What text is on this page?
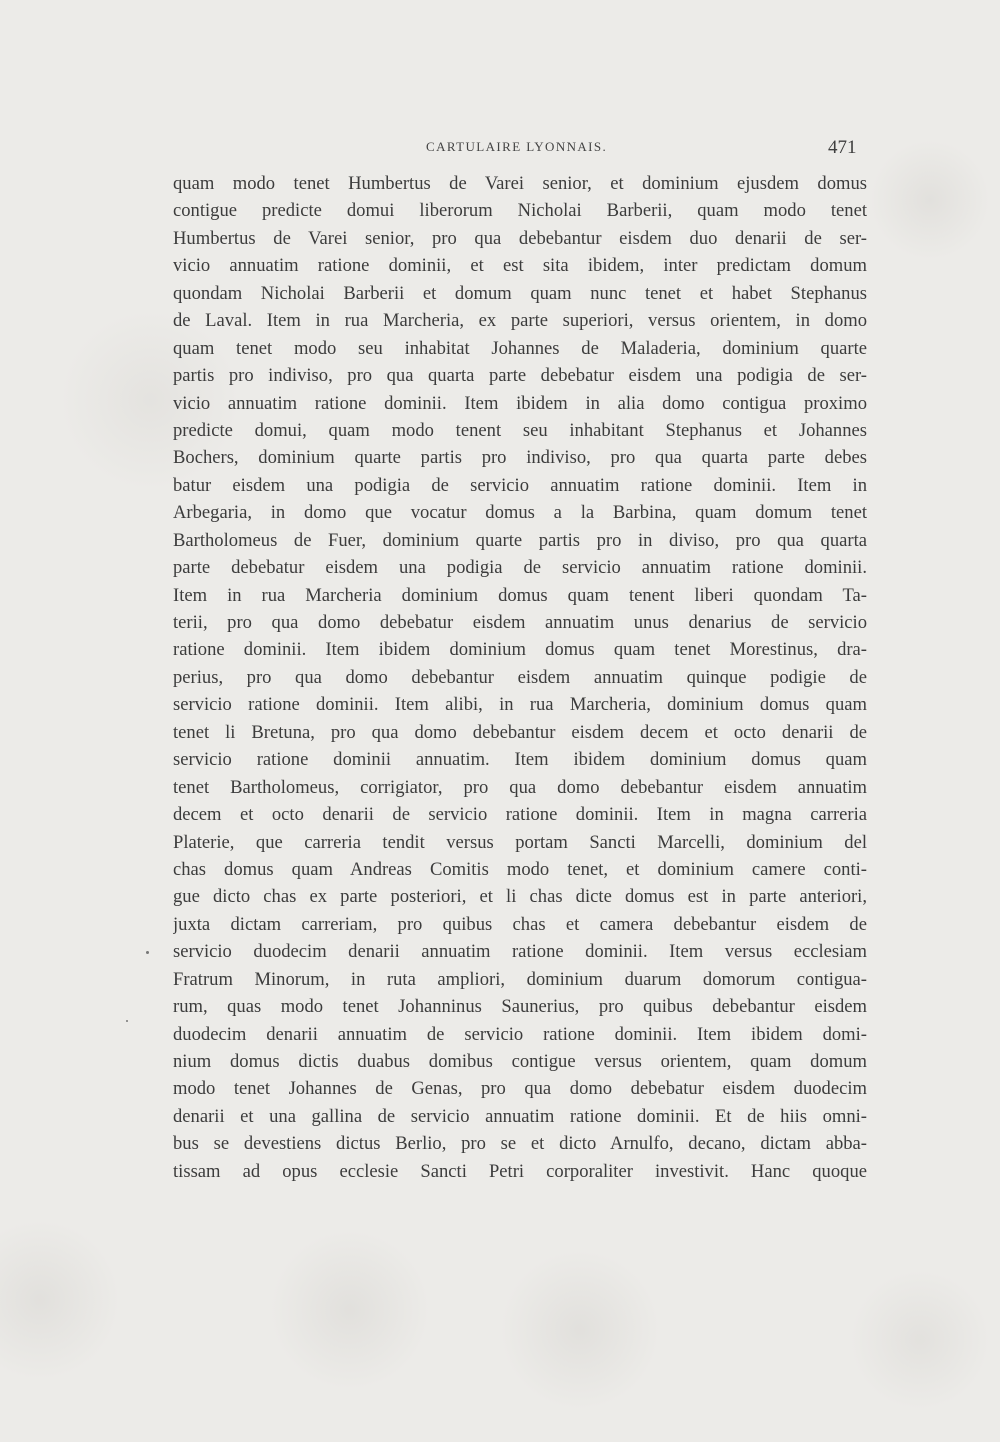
CARTULAIRE LYONNAIS.	471
quam modo tenet Humbertus de Varei senior, et dominium ejusdem domus
contigue predicte domui liberorum Nicholai Barberii, quam modo tenet
Humbertus de Varei senior, pro qua debebantur eisdem duo denarii de ser-
vicio annuatim ratione dominii, et est sita ibidem, inter predictam domum
quondam Nicholai Barberii et domum quam nunc tenet et habet Stephanus
de Laval. Item in rua Marcheria, ex parte superiori, versus orientem, in domo
quam tenet modo seu inhabitat Johannes de Maladeria, dominium quarte
partis pro indiviso, pro qua quarta parte debebatur eisdem una podigia de ser-
vicio annuatim ratione dominii. Item ibidem in alia domo contigua proximo
predicte domui, quam modo tenent seu inhabitant Stephanus et Johannes
Bochers, dominium quarte partis pro indiviso, pro qua quarta parte debes
batur eisdem una podigia de servicio annuatim ratione dominii. Item in
Arbegaria, in domo que vocatur domus a la Barbina, quam domum tenet
Bartholomeus de Fuer, dominium quarte partis pro in diviso, pro qua quarta
parte debebatur eisdem una podigia de servicio annuatim ratione dominii.
Item in rua Marcheria dominium domus quam tenent liberi quondam Ta-
terii, pro qua domo debebatur eisdem annuatim unus denarius de servicio
ratione dominii. Item ibidem dominium domus quam tenet Morestinus, dra-
perius, pro qua domo debebantur eisdem annuatim quinque podigie de
servicio ratione dominii. Item alibi, in rua Marcheria, dominium domus quam
tenet li Bretuna, pro qua domo debebantur eisdem decem et octo denarii de
servicio ratione dominii annuatim. Item ibidem dominium domus quam
tenet Bartholomeus, corrigiator, pro qua domo debebantur eisdem annuatim
decem et octo denarii de servicio ratione dominii. Item in magna carreria
Platerie, que carreria tendit versus portam Sancti Marcelli, dominium del
chas domus quam Andreas Comitis modo tenet, et dominium camere conti-
gue dicto chas ex parte posteriori, et li chas dicte domus est in parte anteriori,
juxta dictam carreriam, pro quibus chas et camera debebantur eisdem de
servicio duodecim denarii annuatim ratione dominii. Item versus ecclesiam
Fratrum Minorum, in ruta ampliori, dominium duarum domorum contigua-
rum, quas modo tenet Johanninus Saunerius, pro quibus debebantur eisdem
duodecim denarii annuatim de servicio ratione dominii. Item ibidem domi-
nium domus dictis duabus domibus contigue versus orientem, quam domum
modo tenet Johannes de Genas, pro qua domo debebatur eisdem duodecim
denarii et una gallina de servicio annuatim ratione dominii. Et de hiis omni-
bus se devestiens dictus Berlio, pro se et dicto Arnulfo, decano, dictam abba-
tissam ad opus ecclesie Sancti Petri corporaliter investivit. Hanc quoque
